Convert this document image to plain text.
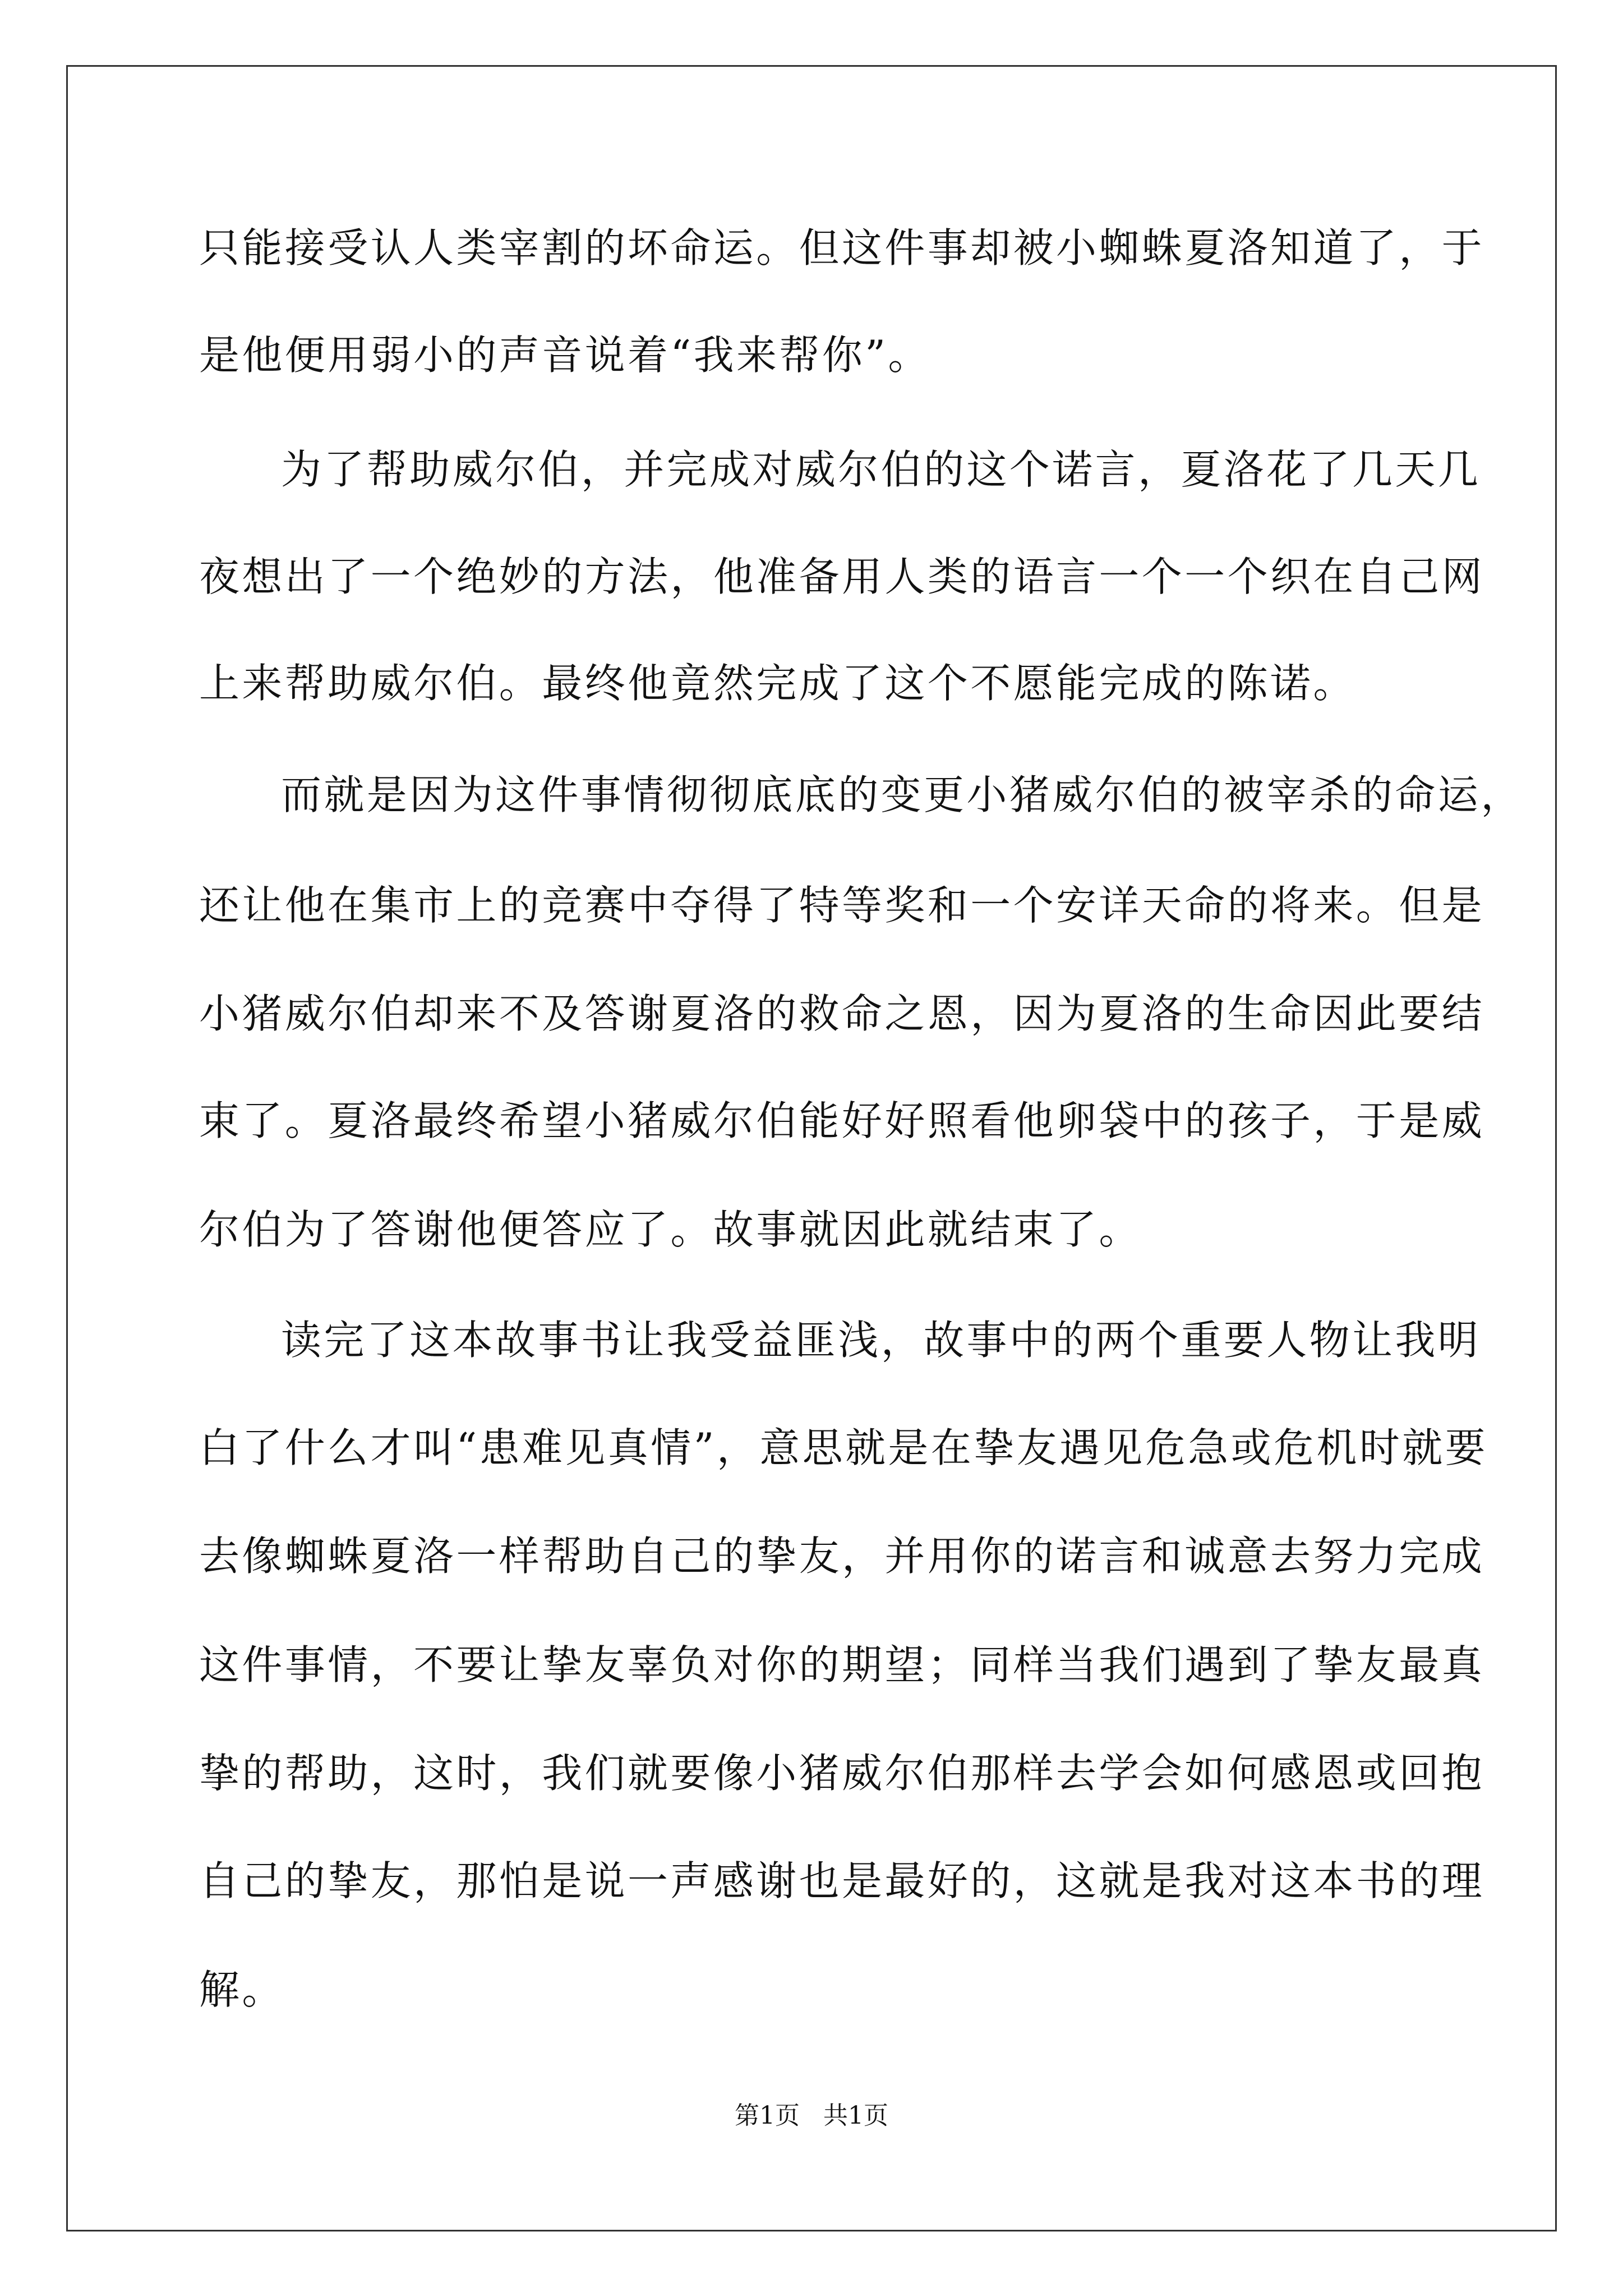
只能接受认人类宰割的坏命运。但这件事却被小蜘蛛夏洛知道了，于
是他便用弱小的声音说着“我来帮你”。
为了帮助威尔伯，并完成对威尔伯的这个诺言，夏洛花了几天几
夜想出了一个绝妙的方法，他准备用人类的语言一个一个织在自己网
上来帮助威尔伯。最终他竟然完成了这个不愿能完成的陈诺。
而就是因为这件事情彻彻底底的变更小猪威尔伯的被宰杀的命运，
还让他在集市上的竞赛中夺得了特等奖和一个安详天命的将来。但是
小猪威尔伯却来不及答谢夏洛的救命之恩，因为夏洛的生命因此要结
束了。夏洛最终希望小猪威尔伯能好好照看他卵袋中的孩子，于是威
尔伯为了答谢他便答应了。故事就因此就结束了。
读完了这本故事书让我受益匪浅，故事中的两个重要人物让我明
白了什么才叫“患难见真情”，意思就是在挚友遇见危急或危机时就要
去像蜘蛛夏洛一样帮助自己的挚友，并用你的诺言和诚意去努力完成
这件事情，不要让挚友辜负对你的期望；同样当我们遇到了挚友最真
挚的帮助，这时，我们就要像小猪威尔伯那样去学会如何感恩或回抱
自己的挚友，那怕是说一声感谢也是最好的，这就是我对这本书的理
解。
第1页   共1页
